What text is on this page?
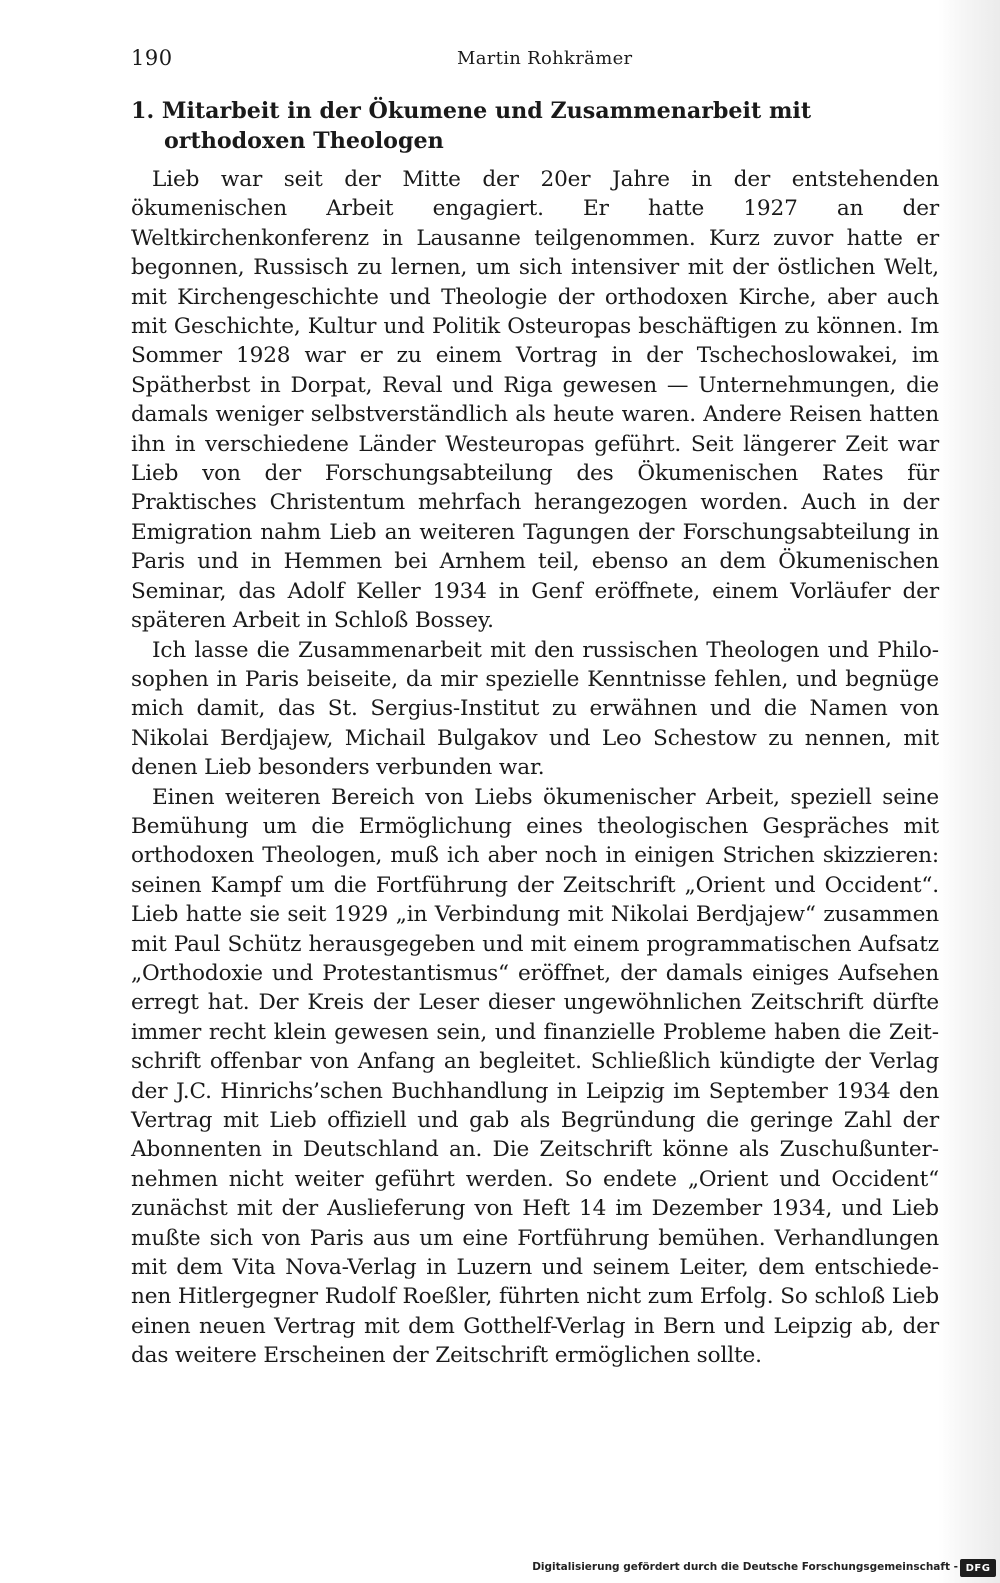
190	Martin Rohkrämer
1. Mitarbeit in der Ökumene und Zusammenarbeit mit orthodoxen Theologen

Lieb war seit der Mitte der 20er Jahre in der entstehenden ökumenischen Arbeit engagiert. Er hatte 1927 an der Weltkirchenkonferenz in Lausanne teilgenommen. Kurz zuvor hatte er begonnen, Russisch zu lernen, um sich intensiver mit der östlichen Welt, mit Kirchengeschichte und Theologie der orthodoxen Kirche, aber auch mit Geschichte, Kultur und Politik Osteuropas beschäftigen zu können. Im Sommer 1928 war er zu einem Vortrag in der Tschechoslowakei, im Spätherbst in Dorpat, Reval und Riga gewesen — Unternehmungen, die damals weniger selbstverständlich als heute waren. Andere Reisen hatten ihn in verschiedene Länder Westeuropas geführt. Seit längerer Zeit war Lieb von der Forschungsabteilung des Ökumenischen Rates für Praktisches Christentum mehrfach herangezogen worden. Auch in der Emigration nahm Lieb an weiteren Tagungen der Forschungsabteilung in Paris und in Hemmen bei Arnhem teil, ebenso an dem Ökumenischen Seminar, das Adolf Keller 1934 in Genf eröffnete, einem Vorläufer der späteren Arbeit in Schloß Bossey.

Ich lasse die Zusammenarbeit mit den russischen Theologen und Philosophen in Paris beiseite, da mir spezielle Kenntnisse fehlen, und begnüge mich damit, das St. Sergius-Institut zu erwähnen und die Namen von Nikolai Berdjajew, Michail Bulgakov und Leo Schestow zu nennen, mit denen Lieb besonders verbunden war.

Einen weiteren Bereich von Liebs ökumenischer Arbeit, speziell seine Bemühung um die Ermöglichung eines theologischen Gespräches mit orthodoxen Theologen, muß ich aber noch in einigen Strichen skizzieren: seinen Kampf um die Fortführung der Zeitschrift „Orient und Occident“. Lieb hatte sie seit 1929 „in Verbindung mit Nikolai Berdjajew“ zusammen mit Paul Schütz herausgegeben und mit einem programmatischen Aufsatz „Orthodoxie und Protestantismus“ eröffnet, der damals einiges Aufsehen erregt hat. Der Kreis der Leser dieser ungewöhnlichen Zeitschrift dürfte immer recht klein gewesen sein, und finanzielle Probleme haben die Zeitschrift offenbar von Anfang an begleitet. Schließlich kündigte der Verlag der J.C. Hinrichs’schen Buchhandlung in Leipzig im September 1934 den Vertrag mit Lieb offiziell und gab als Begründung die geringe Zahl der Abonnenten in Deutschland an. Die Zeitschrift könne als Zuschußunternehmen nicht weiter geführt werden. So endete „Orient und Occident“ zunächst mit der Auslieferung von Heft 14 im Dezember 1934, und Lieb mußte sich von Paris aus um eine Fortführung bemühen. Verhandlungen mit dem Vita Nova-Verlag in Luzern und seinem Leiter, dem entschiedenen Hitlergegner Rudolf Roeßler, führten nicht zum Erfolg. So schloß Lieb einen neuen Vertrag mit dem Gotthelf-Verlag in Bern und Leipzig ab, der das weitere Erscheinen der Zeitschrift ermöglichen sollte.

Digitalisierung gefördert durch die Deutsche Forschungsgemeinschaft - DFG
